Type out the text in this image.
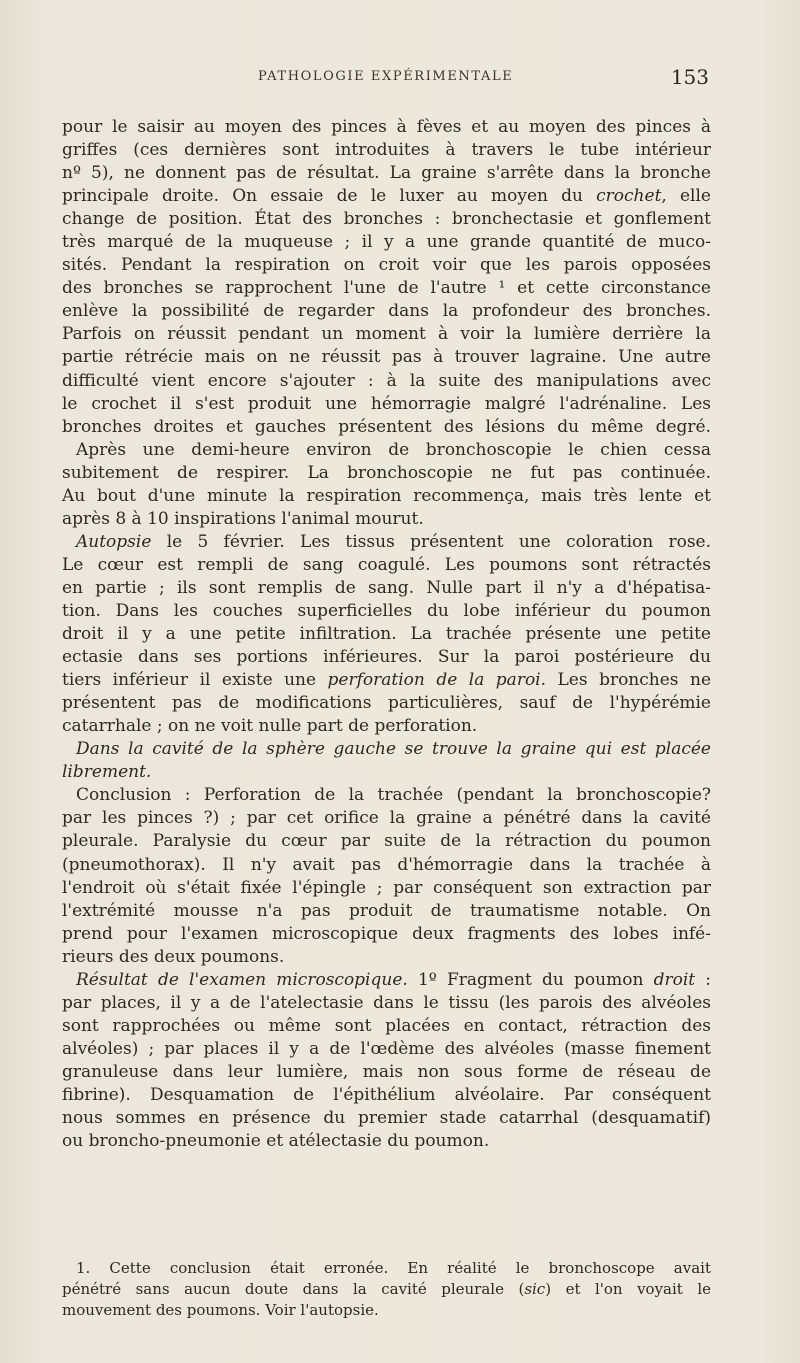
PATHOLOGIE EXPÉRIMENTALE	153
pour le saisir au moyen des pinces à fèves et au moyen des pinces à
griffes (ces dernières sont introduites à travers le tube intérieur
nº 5), ne donnent pas de résultat. La graine s'arrête dans la bronche
principale droite. On essaie de le luxer au moyen du crochet, elle
change de position. État des bronches : bronchectasie et gonflement
très marqué de la muqueuse ; il y a une grande quantité de muco-
sités. Pendant la respiration on croit voir que les parois opposées
des bronches se rapprochent l'une de l'autre ¹ et cette circonstance
enlève la possibilité de regarder dans la profondeur des bronches.
Parfois on réussit pendant un moment à voir la lumière derrière la
partie rétrécie mais on ne réussit pas à trouver lagraine. Une autre
difficulté vient encore s'ajouter : à la suite des manipulations avec
le crochet il s'est produit une hémorragie malgré l'adrénaline. Les
bronches droites et gauches présentent des lésions du même degré.
Après une demi-heure environ de bronchoscopie le chien cessa
subitement de respirer. La bronchoscopie ne fut pas continuée.
Au bout d'une minute la respiration recommença, mais très lente et
après 8 à 10 inspirations l'animal mourut.
Autopsie le 5 février. Les tissus présentent une coloration rose.
Le cœur est rempli de sang coagulé. Les poumons sont rétractés
en partie ; ils sont remplis de sang. Nulle part il n'y a d'hépatisa-
tion. Dans les couches superficielles du lobe inférieur du poumon
droit il y a une petite infiltration. La trachée présente une petite
ectasie dans ses portions inférieures. Sur la paroi postérieure du
tiers inférieur il existe une perforation de la paroi. Les bronches ne
présentent pas de modifications particulières, sauf de l'hypérémie
catarrhale ; on ne voit nulle part de perforation.
Dans la cavité de la sphère gauche se trouve la graine qui est placée
librement.
Conclusion : Perforation de la trachée (pendant la bronchoscopie?
par les pinces ?) ; par cet orifice la graine a pénétré dans la cavité
pleurale. Paralysie du cœur par suite de la rétraction du poumon
(pneumothorax). Il n'y avait pas d'hémorragie dans la trachée à
l'endroit où s'était fixée l'épingle ; par conséquent son extraction par
l'extrémité mousse n'a pas produit de traumatisme notable. On
prend pour l'examen microscopique deux fragments des lobes infé-
rieurs des deux poumons.
Résultat de l'examen microscopique. 1º Fragment du poumon droit :
par places, il y a de l'atelectasie dans le tissu (les parois des alvéoles
sont rapprochées ou même sont placées en contact, rétraction des
alvéoles) ; par places il y a de l'œdème des alvéoles (masse finement
granuleuse dans leur lumière, mais non sous forme de réseau de
fibrine). Desquamation de l'épithélium alvéolaire. Par conséquent
nous sommes en présence du premier stade catarrhal (desquamatif)
ou broncho-pneumonie et atélectasie du poumon.
1. Cette conclusion était erronée. En réalité le bronchoscope avait
pénétré sans aucun doute dans la cavité pleurale (sic) et l'on voyait le
mouvement des poumons. Voir l'autopsie.
